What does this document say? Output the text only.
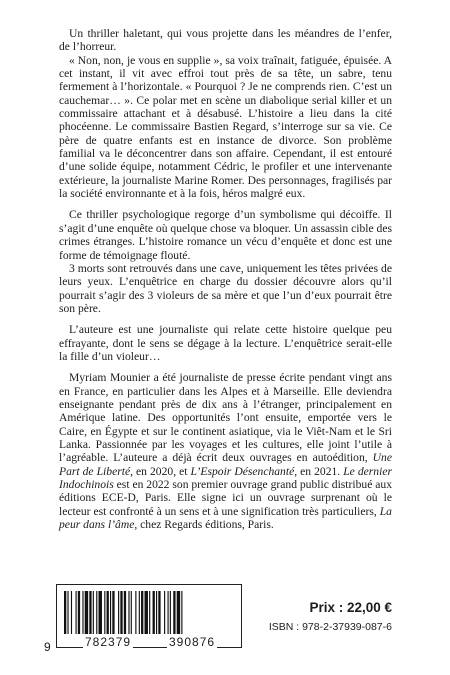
Un thriller haletant, qui vous projette dans les méandres de l’enfer, de l’horreur.

« Non, non, je vous en supplie », sa voix traînait, fatiguée, épuisée. A cet instant, il vit avec effroi tout près de sa tête, un sabre, tenu fermement à l’horizontale. « Pourquoi ? Je ne comprends rien. C’est un cauchemar… ». Ce polar met en scène un diabolique serial killer et un commissaire attachant et à désabusé. L’histoire a lieu dans la cité phocéenne. Le commissaire Bastien Regard, s’interroge sur sa vie. Ce père de quatre enfants est en instance de divorce. Son problème familial va le déconcentrer dans son affaire. Cependant, il est entouré d’une solide équipe, notamment Cédric, le profiler et une intervenante extérieure, la journaliste Marine Romer. Des personnages, fragilisés par la société environnante et à la fois, héros malgré eux.

Ce thriller psychologique regorge d’un symbolisme qui décoiffe. Il s’agit d’une enquête où quelque chose va bloquer. Un assassin cible des crimes étranges. L’histoire romance un vécu d’enquête et donc est une forme de témoignage flouté.

3 morts sont retrouvés dans une cave, uniquement les têtes privées de leurs yeux. L’enquêtrice en charge du dossier découvre alors qu’il pourrait s’agir des 3 violeurs de sa mère et que l’un d’eux pourrait être son père.

L’auteure est une journaliste qui relate cette histoire quelque peu effrayante, dont le sens se dégage à la lecture. L’enquêtrice serait-elle la fille d’un violeur…

Myriam Mounier a été journaliste de presse écrite pendant vingt ans en France, en particulier dans les Alpes et à Marseille. Elle deviendra enseignante pendant près de dix ans à l’étranger, principalement en Amérique latine. Des opportunités l’ont ensuite, emportée vers le Caire, en Égypte et sur le continent asiatique, via le Viêt-Nam et le Sri Lanka. Passionnée par les voyages et les cultures, elle joint l’utile à l’agréable. L’auteure a déjà écrit deux ouvrages en autoédition, Une Part de Liberté, en 2020, et L’Espoir Désenchanté, en 2021. Le dernier Indochinois est en 2022 son premier ouvrage grand public distribué aux éditions ECE-D, Paris. Elle signe ici un ouvrage surprenant où le lecteur est confronté à un sens et à une signification très particuliers, La peur dans l’âme, chez Regards éditions, Paris.

9	782379	390876
Prix : 22,00 €
ISBN : 978-2-37939-087-6
